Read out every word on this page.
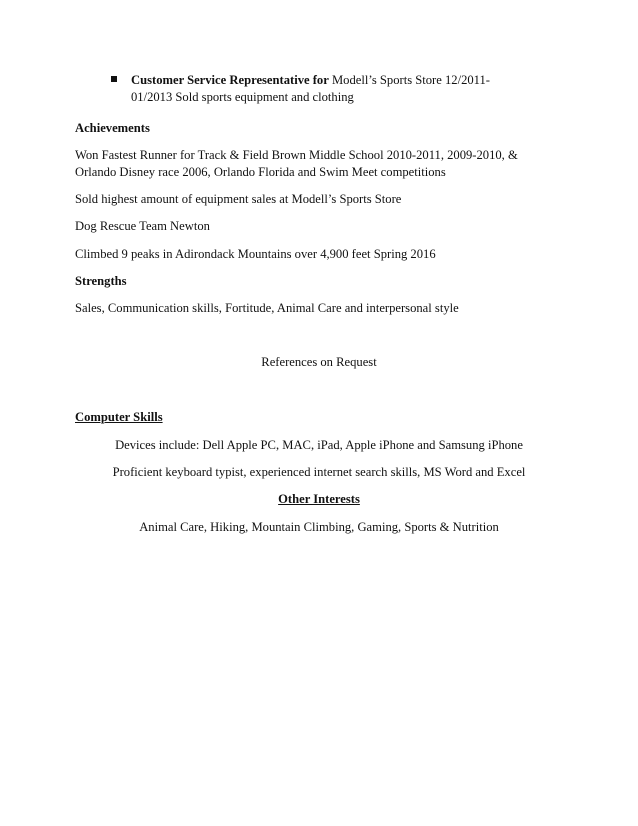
Customer Service Representative for Modell’s Sports Store 12/2011-
01/2013 Sold sports equipment and clothing
Achievements
Won Fastest Runner for Track & Field Brown Middle School 2010-2011, 2009-2010, &
Orlando Disney race 2006, Orlando Florida and Swim Meet competitions
Sold highest amount of equipment sales at Modell’s Sports Store
Dog Rescue Team Newton
Climbed 9 peaks in Adirondack Mountains over 4,900 feet Spring 2016
Strengths
Sales, Communication skills, Fortitude, Animal Care and interpersonal style
References on Request
Computer Skills
Devices include: Dell Apple PC, MAC, iPad, Apple iPhone and Samsung iPhone
Proficient keyboard typist, experienced internet search skills, MS Word and Excel
Other Interests
Animal Care, Hiking, Mountain Climbing, Gaming, Sports & Nutrition
